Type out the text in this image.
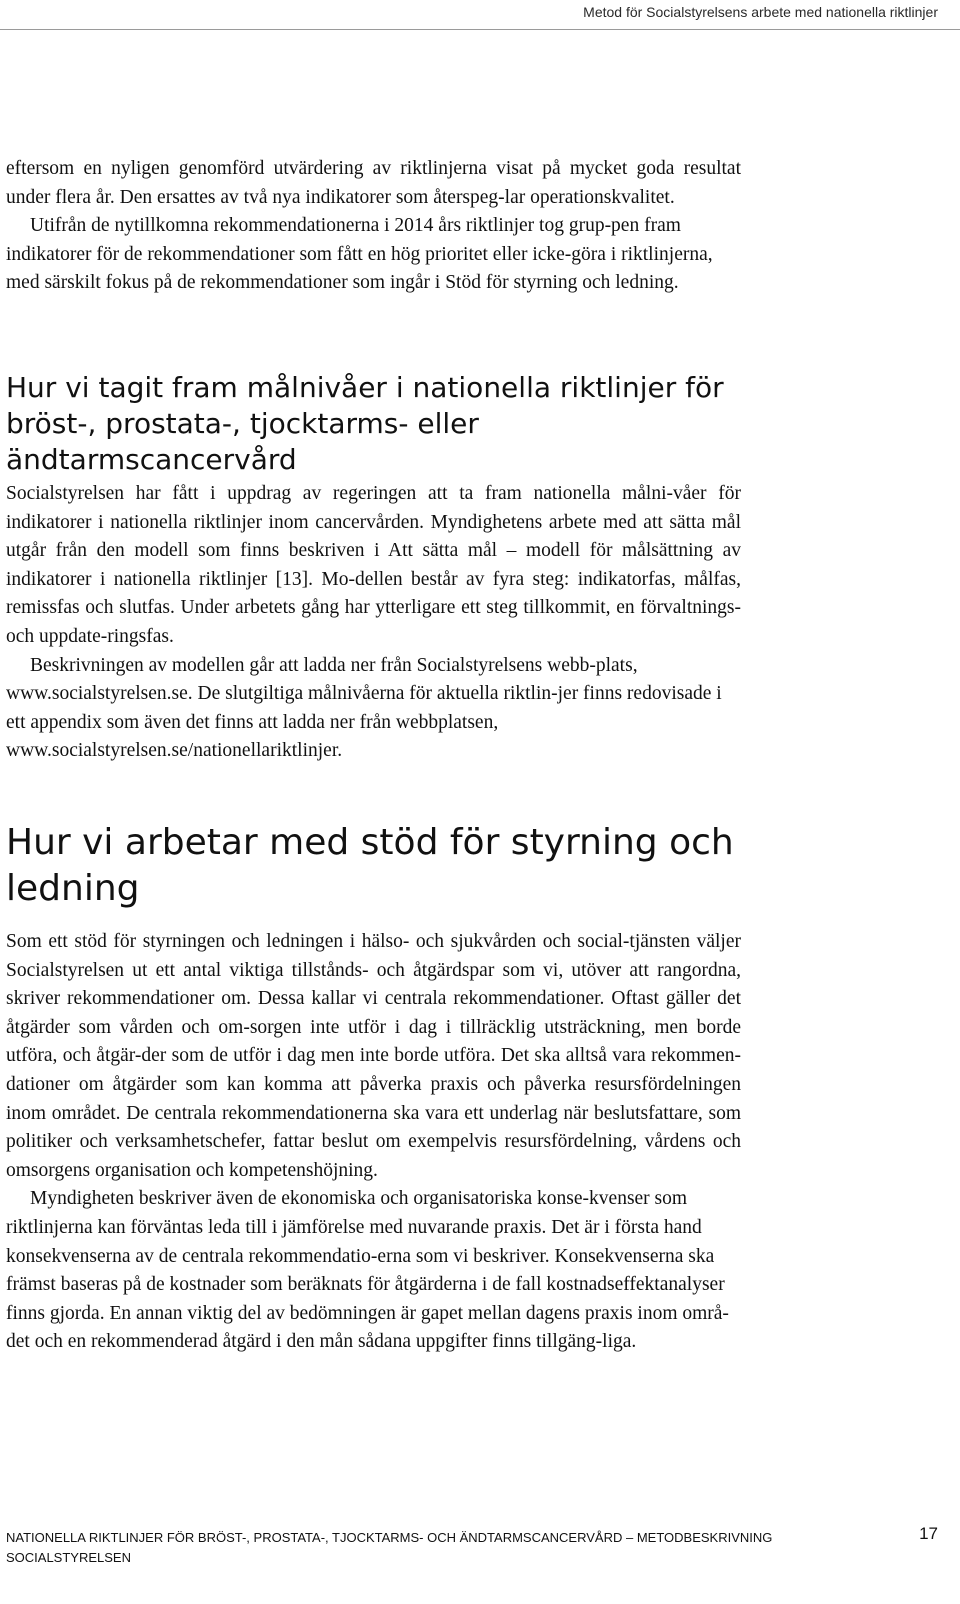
Metod för Socialstyrelsens arbete med nationella riktlinjer

eftersom en nyligen genomförd utvärdering av riktlinjerna visat på mycket goda resultat under flera år. Den ersattes av två nya indikatorer som återspeg-lar operationskvalitet.

Utifrån de nytillkomna rekommendationerna i 2014 års riktlinjer tog grup-pen fram indikatorer för de rekommendationer som fått en hög prioritet eller icke-göra i riktlinjerna, med särskilt fokus på de rekommendationer som ingår i Stöd för styrning och ledning.

Hur vi tagit fram målnivåer i nationella riktlinjer för bröst-, prostata-, tjocktarms- eller ändtarmscancervård

Socialstyrelsen har fått i uppdrag av regeringen att ta fram nationella målni-våer för indikatorer i nationella riktlinjer inom cancervården. Myndighetens arbete med att sätta mål utgår från den modell som finns beskriven i Att sätta mål – modell för målsättning av indikatorer i nationella riktlinjer [13]. Mo-dellen består av fyra steg: indikatorfas, målfas, remissfas och slutfas. Under arbetets gång har ytterligare ett steg tillkommit, en förvaltnings- och uppdate-ringsfas.

Beskrivningen av modellen går att ladda ner från Socialstyrelsens webb-plats, www.socialstyrelsen.se. De slutgiltiga målnivåerna för aktuella riktlin-jer finns redovisade i ett appendix som även det finns att ladda ner från webbplatsen, www.socialstyrelsen.se/nationellariktlinjer.

Hur vi arbetar med stöd för styrning och ledning

Som ett stöd för styrningen och ledningen i hälso- och sjukvården och social-tjänsten väljer Socialstyrelsen ut ett antal viktiga tillstånds- och åtgärdspar som vi, utöver att rangordna, skriver rekommendationer om. Dessa kallar vi centrala rekommendationer. Oftast gäller det åtgärder som vården och om-sorgen inte utför i dag i tillräcklig utsträckning, men borde utföra, och åtgär-der som de utför i dag men inte borde utföra. Det ska alltså vara rekommen-dationer om åtgärder som kan komma att påverka praxis och påverka resursfördelningen inom området. De centrala rekommendationerna ska vara ett underlag när beslutsfattare, som politiker och verksamhetschefer, fattar beslut om exempelvis resursfördelning, vårdens och omsorgens organisation och kompetenshöjning.

Myndigheten beskriver även de ekonomiska och organisatoriska konse-kvenser som riktlinjerna kan förväntas leda till i jämförelse med nuvarande praxis. Det är i första hand konsekvenserna av de centrala rekommendatio-erna som vi beskriver. Konsekvenserna ska främst baseras på de kostnader som beräknats för åtgärderna i de fall kostnadseffektanalyser finns gjorda. En annan viktig del av bedömningen är gapet mellan dagens praxis inom områ-det och en rekommenderad åtgärd i den mån sådana uppgifter finns tillgäng-liga.

NATIONELLA RIKTLINJER FÖR BRÖST-, PROSTATA-, TJOCKTARMS- OCH ÄNDTARMSCANCERVÅRD – METODBESKRIVNING
SOCIALSTYRELSEN
17
